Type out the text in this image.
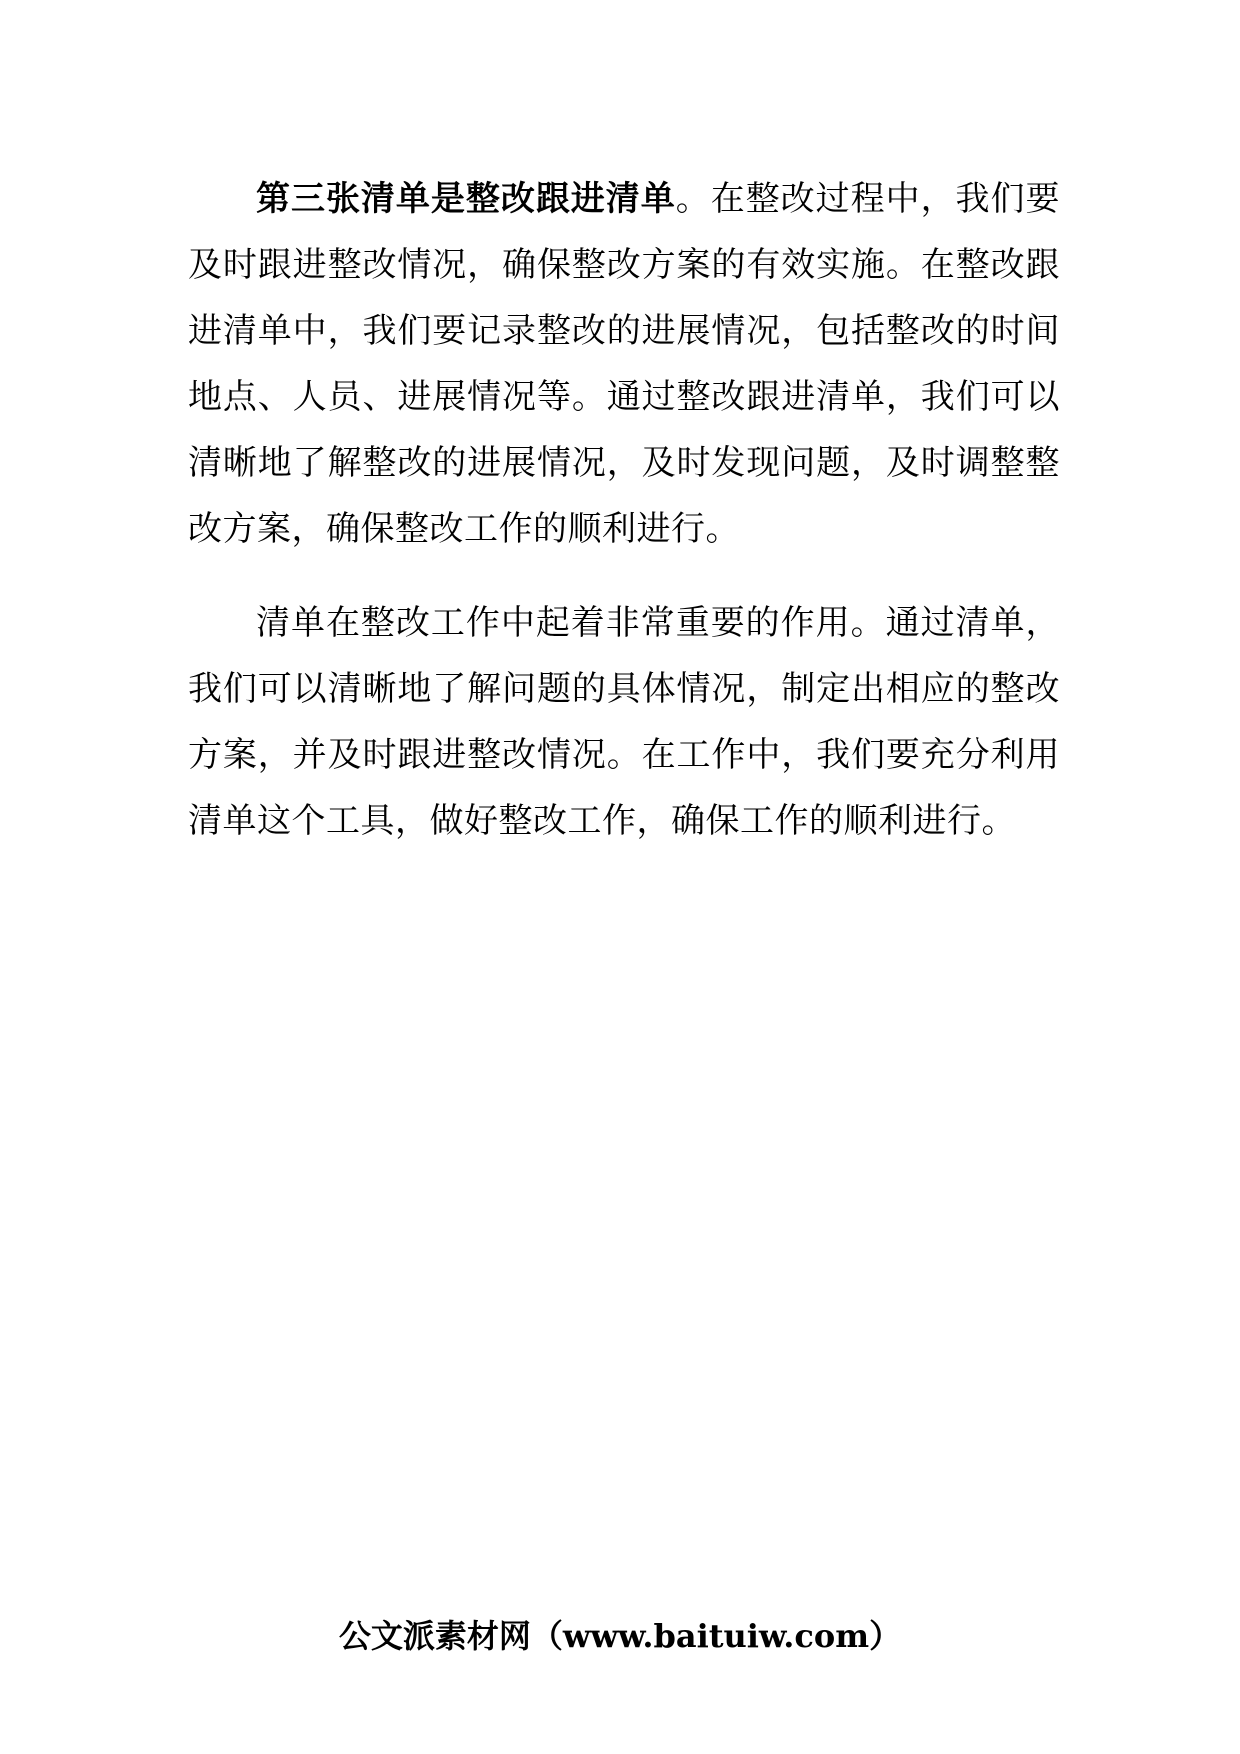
第三张清单是整改跟进清单。在整改过程中，我们要及时跟进整改情况，确保整改方案的有效实施。在整改跟进清单中，我们要记录整改的进展情况，包括整改的时间地点、人员、进展情况等。通过整改跟进清单，我们可以清晰地了解整改的进展情况，及时发现问题，及时调整整改方案，确保整改工作的顺利进行。

清单在整改工作中起着非常重要的作用。通过清单，我们可以清晰地了解问题的具体情况，制定出相应的整改方案，并及时跟进整改情况。在工作中，我们要充分利用清单这个工具，做好整改工作，确保工作的顺利进行。

公文派素材网（www.baituiw.com）
